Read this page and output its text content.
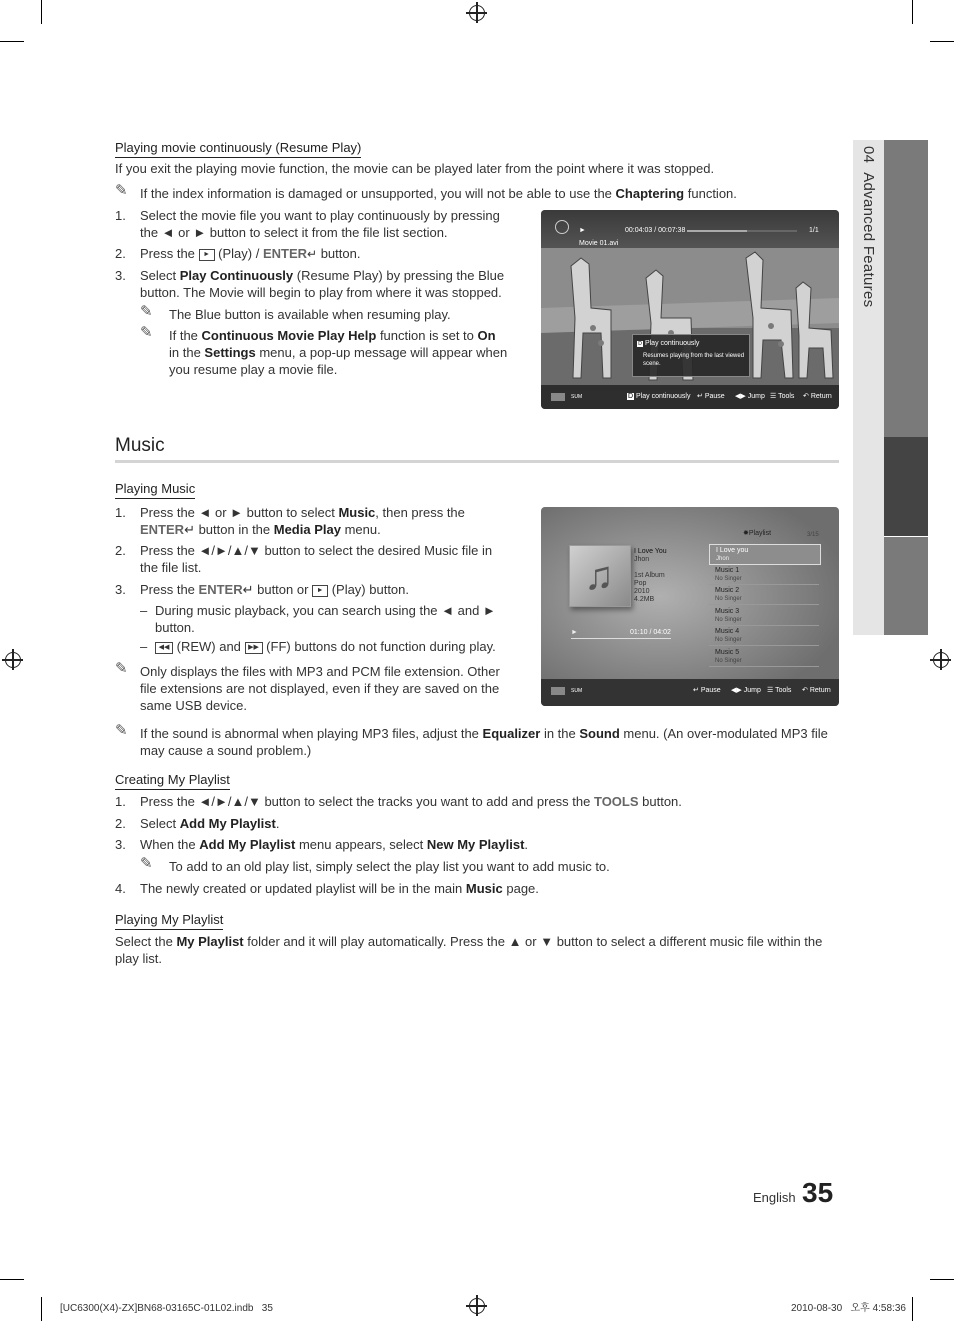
04  Advanced Features
Playing movie continuously (Resume Play)
If you exit the playing movie function, the movie can be played later from the point where it was stopped.
✎ If the index information is damaged or unsupported, you will not be able to use the Chaptering function.
1. Select the movie file you want to play continuously by pressing the ◄ or ► button to select it from the file list section.
2. Press the ► (Play) / ENTER↵ button.
3. Select Play Continuously (Resume Play) by pressing the Blue button. The Movie will begin to play from where it was stopped.
✎ The Blue button is available when resuming play.
✎ If the Continuous Movie Play Help function is set to On in the Settings menu, a pop-up message will appear when you resume play a movie file.
►	00:04:03 / 00:07:38	1/1
Movie 01.avi
D Play continuously
Resumes playing from the last viewed scene.
SUM	D Play continuously ↵ Pause ◀▶ Jump ☰ Tools ↶ Return
Music
Playing Music
1. Press the ◄ or ► button to select Music, then press the ENTER↵ button in the Media Play menu.
2. Press the ◄/►/▲/▼ button to select the desired Music file in the file list.
3. Press the ENTER↵ button or ► (Play) button.
– During music playback, you can search using the ◄ and ► button.
–	◀◀ (REW) and ▶▶ (FF) buttons do not function during play.
✎ Only displays the files with MP3 and PCM file extension. Other file extensions are not displayed, even if they are saved on the same USB device.
✎ If the sound is abnormal when playing MP3 files, adjust the Equalizer in the Sound menu. (An over-modulated MP3 file may cause a sound problem.)
♫
I Love You
Jhon
1st Album
Pop
2010
4.2MB
►	01:10 / 04:02
✸Playlist	3/15
SUM	↵ Pause ◀▶ Jump ☰ Tools ↶ Return
I Love you
Jhon
Music 1
No Singer
Music 2
No Singer
Music 3
No Singer
Music 4
No Singer
Music 5
No Singer
Creating My Playlist
1. Press the ◄/►/▲/▼ button to select the tracks you want to add and press the TOOLS button.
2. Select Add My Playlist.
3. When the Add My Playlist menu appears, select New My Playlist.
✎ To add to an old play list, simply select the play list you want to add music to.
4. The newly created or updated playlist will be in the main Music page.
Playing My Playlist
Select the My Playlist folder and it will play automatically. Press the ▲ or ▼ button to select a different music file within the play list.
English 35
[UC6300(X4)-ZX]BN68-03165C-01L02.indb   35	2010-08-30   오후 4:58:36
